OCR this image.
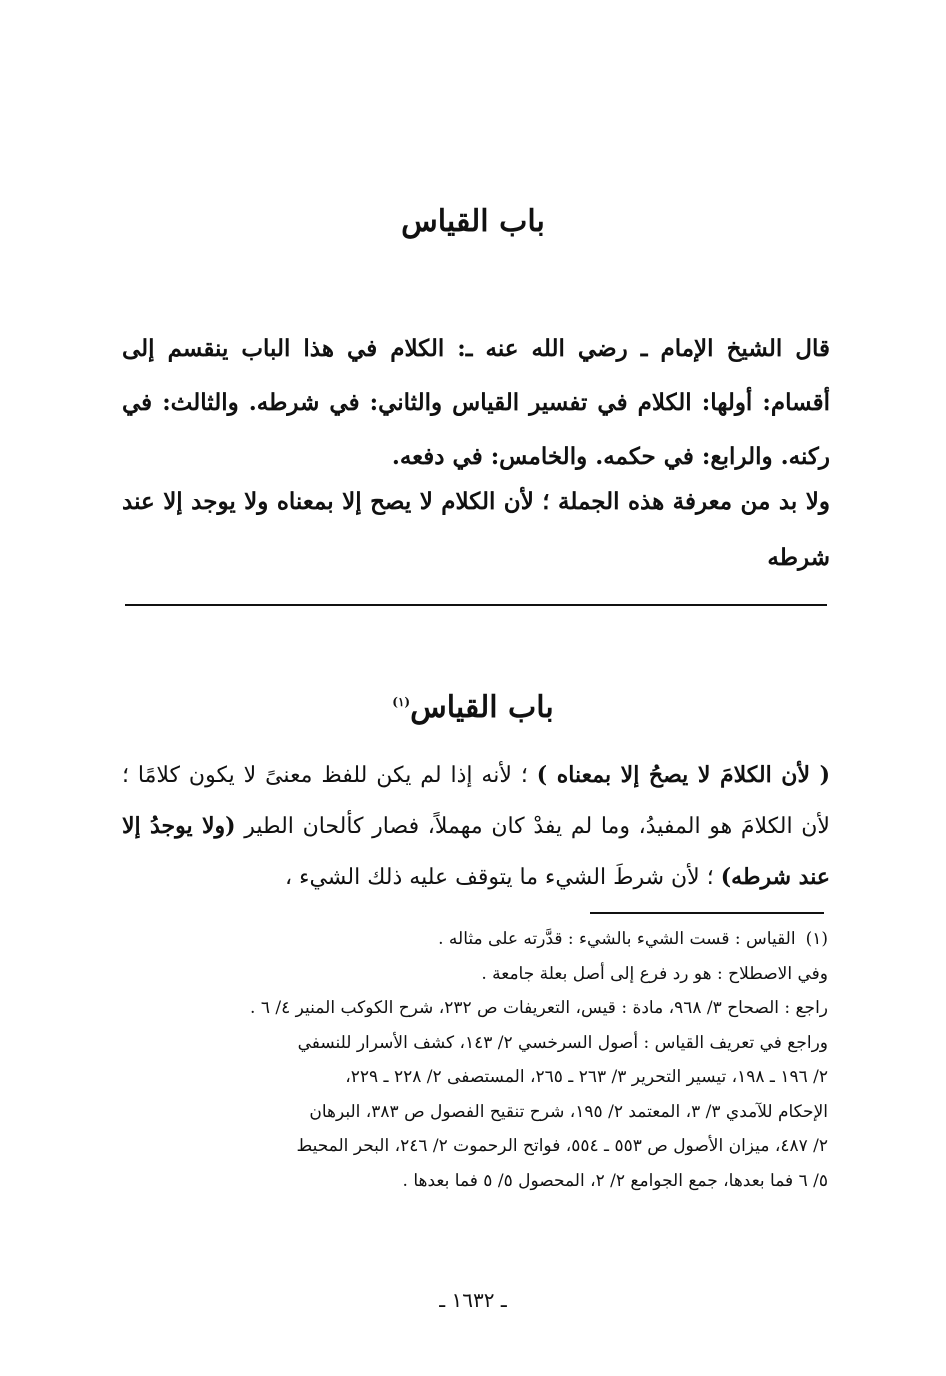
باب القياس

قال الشيخ الإمام ـ رضي الله عنه ـ: الكلام في هذا الباب ينقسم إلى أقسام: أولها: الكلام في تفسير القياس والثاني: في شرطه. والثالث: في ركنه. والرابع: في حكمه. والخامس: في دفعه.

ولا بد من معرفة هذه الجملة ؛ لأن الكلام لا يصح إلا بمعناه ولا يوجد إلا عند شرطه

باب القياس$^{(١)}$

( لأن الكلامَ لا يصحُ إلا بمعناه ) ؛ لأنه إذا لم يكن للفظ معنىً لا يكون كلامًا ؛ لأن الكلامَ هو المفيدُ، وما لم يفدْ كان مهملاً، فصار كألحان الطير (ولا يوجدُ إلا عند شرطه) ؛ لأن شرطَ الشيء ما يتوقف عليه ذلك الشيء ،

(١)القياس : قست الشيء بالشيء : قدَّرته على مثاله .
وفي الاصطلاح : هو رد فرع إلى أصل بعلة جامعة .
راجع : الصحاح ٣/ ٩٦٨، مادة : قيس، التعريفات ص ٢٣٢، شرح الكوكب المنير ٤/ ٦ .
وراجع في تعريف القياس : أصول السرخسي ٢/ ١٤٣، كشف الأسرار للنسفي
٢/ ١٩٦ ـ ١٩٨، تيسير التحرير ٣/ ٢٦٣ ـ ٢٦٥، المستصفى ٢/ ٢٢٨ ـ ٢٢٩،
الإحكام للآمدي ٣/ ٣، المعتمد ٢/ ١٩٥، شرح تنقيح الفصول ص ٣٨٣، البرهان
٢/ ٤٨٧، ميزان الأصول ص ٥٥٣ ـ ٥٥٤، فواتح الرحموت ٢/ ٢٤٦، البحر المحيط
٥/ ٦ فما بعدها، جمع الجوامع ٢/ ٢، المحصول ٥/ ٥ فما بعدها .
ـ ١٦٣٢ ـ
